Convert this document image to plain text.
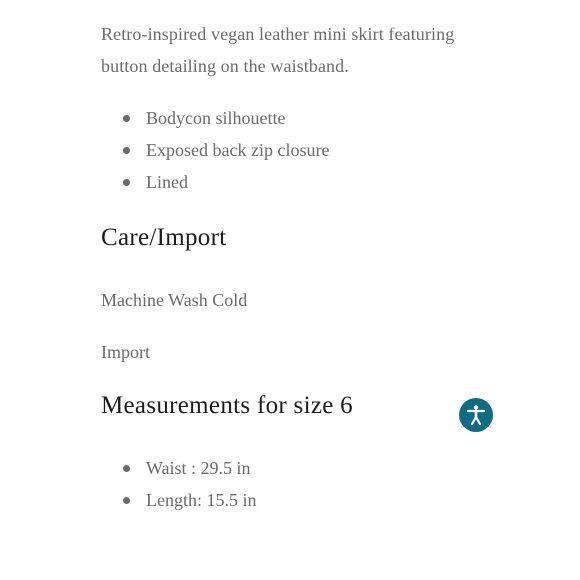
Retro-inspired vegan leather mini skirt featuring button detailing on the waistband.

Bodycon silhouette
Exposed back zip closure
Lined
Care/Import

Machine Wash Cold

Import

Measurements for size 6
Waist : 29.5 in
Length: 15.5 in
